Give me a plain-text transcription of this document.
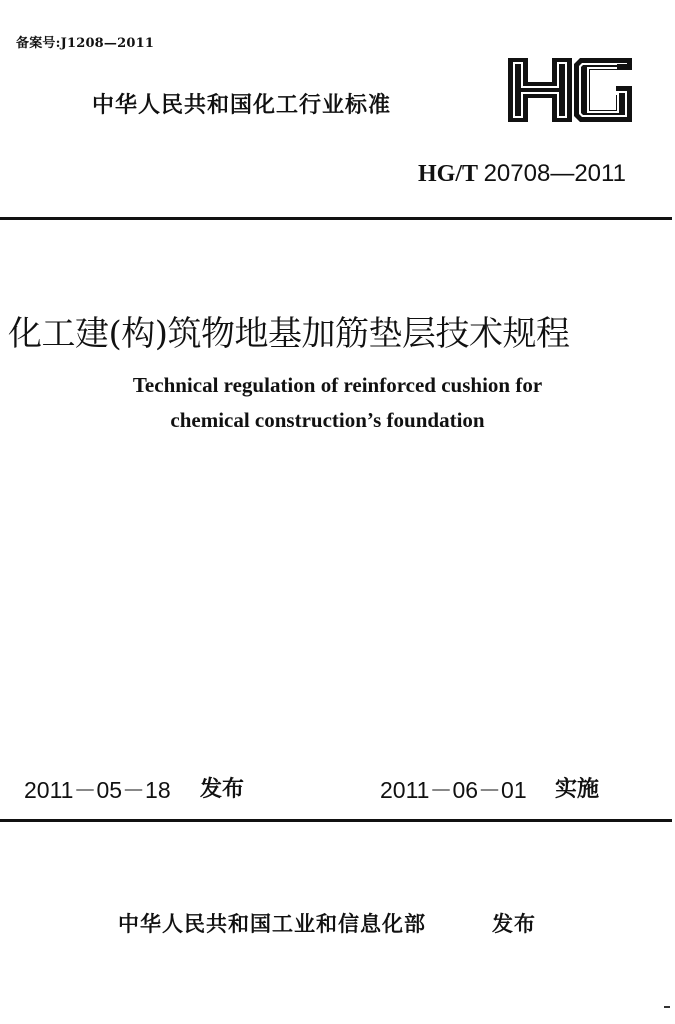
备案号:J1208—2011
中华人民共和国化工行业标准
HG/T 20708—2011
化工建(构)筑物地基加筋垫层技术规程
Technical regulation of reinforced cushion for
chemical construction’s foundation
2011－05－18 发布	2011－06－01 实施
中华人民共和国工业和信息化部	发布
